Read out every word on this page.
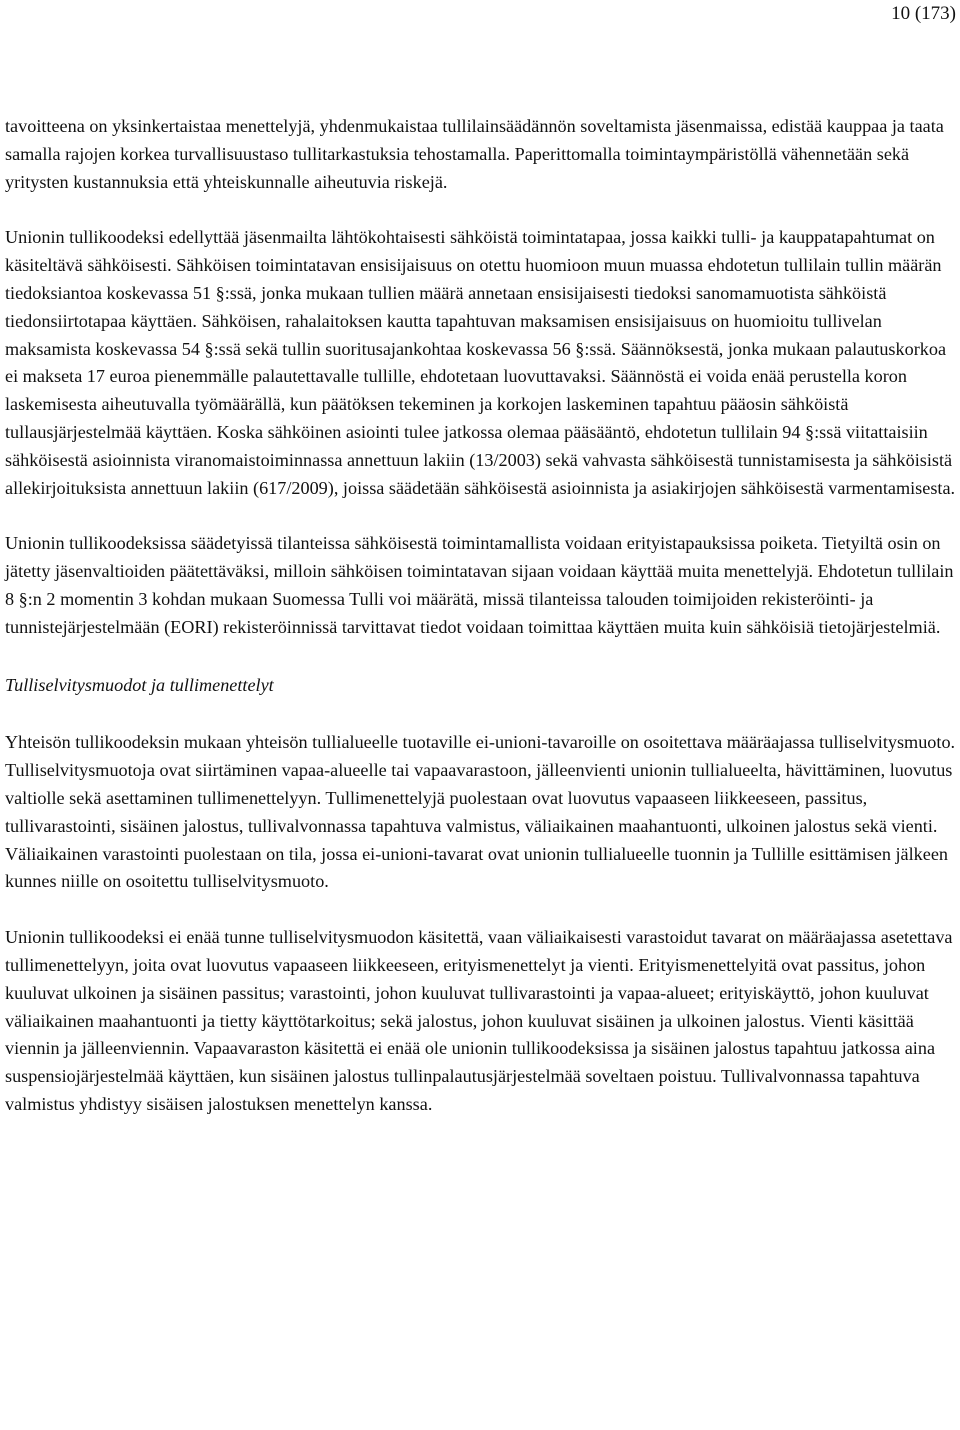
10 (173)

tavoitteena on yksinkertaistaa menettelyjä, yhdenmukaistaa tullilainsäädännön soveltamista jäsenmaissa, edistää kauppaa ja taata samalla rajojen korkea turvallisuustaso tullitarkastuksia tehostamalla. Paperittomalla toimintaympäristöllä vähennetään sekä yritysten kustannuksia että yhteiskunnalle aiheutuvia riskejä.

Unionin tullikoodeksi edellyttää jäsenmailta lähtökohtaisesti sähköistä toimintatapaa, jossa kaikki tulli- ja kauppatapahtumat on käsiteltävä sähköisesti. Sähköisen toimintatavan ensisijaisuus on otettu huomioon muun muassa ehdotetun tullilain tullin määrän tiedoksiantoa koskevassa 51 §:ssä, jonka mukaan tullien määrä annetaan ensisijaisesti tiedoksi sanomamuotista sähköistä tiedonsiirtotapaa käyttäen. Sähköisen, rahalaitoksen kautta tapahtuvan maksamisen ensisijaisuus on huomioitu tullivelan maksamista koskevassa 54 §:ssä sekä tullin suoritusajankohtaa koskevassa 56 §:ssä. Säännöksestä, jonka mukaan palautuskorkoa ei makseta 17 euroa pienemmälle palautettavalle tullille, ehdotetaan luovuttavaksi. Säännöstä ei voida enää perustella koron laskemisesta aiheutuvalla työmäärällä, kun päätöksen tekeminen ja korkojen laskeminen tapahtuu pääosin sähköistä tullausjärjestelmää käyttäen. Koska sähköinen asiointi tulee jatkossa olemaa pääsääntö, ehdotetun tullilain 94 §:ssä viitattaisiin sähköisestä asioinnista viranomaistoiminnassa annettuun lakiin (13/2003) sekä vahvasta sähköisestä tunnistamisesta ja sähköisistä allekirjoituksista annettuun lakiin (617/2009), joissa säädetään sähköisestä asioinnista ja asiakirjojen sähköisestä varmentamisesta.

Unionin tullikoodeksissa säädetyissä tilanteissa sähköisestä toimintamallista voidaan erityistapauksissa poiketa. Tietyiltä osin on jätetty jäsenvaltioiden päätettäväksi, milloin sähköisen toimintatavan sijaan voidaan käyttää muita menettelyjä. Ehdotetun tullilain 8 §:n 2 momentin 3 kohdan mukaan Suomessa Tulli voi määrätä, missä tilanteissa talouden toimijoiden rekisteröinti- ja tunnistejärjestelmään (EORI) rekisteröinnissä tarvittavat tiedot voidaan toimittaa käyttäen muita kuin sähköisiä tietojärjestelmiä.

Tulliselvitysmuodot ja tullimenettelyt

Yhteisön tullikoodeksin mukaan yhteisön tullialueelle tuotaville ei-unioni-tavaroille on osoitettava määräajassa tulliselvitysmuoto. Tulliselvitysmuotoja ovat siirtäminen vapaa-alueelle tai vapaavarastoon, jälleenvienti unionin tullialueelta, hävittäminen, luovutus valtiolle sekä asettaminen tullimenettelyyn. Tullimenettelyjä puolestaan ovat luovutus vapaaseen liikkeeseen, passitus, tullivarastointi, sisäinen jalostus, tullivalvonnassa tapahtuva valmistus, väliaikainen maahantuonti, ulkoinen jalostus sekä vienti. Väliaikainen varastointi puolestaan on tila, jossa ei-unioni-tavarat ovat unionin tullialueelle tuonnin ja Tullille esittämisen jälkeen kunnes niille on osoitettu tulliselvitysmuoto.

Unionin tullikoodeksi ei enää tunne tulliselvitysmuodon käsitettä, vaan väliaikaisesti varastoidut tavarat on määräajassa asetettava tullimenettelyyn, joita ovat luovutus vapaaseen liikkeeseen, erityismenettelyt ja vienti. Erityismenettelyitä ovat passitus, johon kuuluvat ulkoinen ja sisäinen passitus; varastointi, johon kuuluvat tullivarastointi ja vapaa-alueet; erityiskäyttö, johon kuuluvat väliaikainen maahantuonti ja tietty käyttötarkoitus; sekä jalostus, johon kuuluvat sisäinen ja ulkoinen jalostus. Vienti käsittää viennin ja jälleenviennin. Vapaavaraston käsitettä ei enää ole unionin tullikoodeksissa ja sisäinen jalostus tapahtuu jatkossa aina suspensiojärjestelmää käyttäen, kun sisäinen jalostus tullinpalautusjärjestelmää soveltaen poistuu. Tullivalvonnassa tapahtuva valmistus yhdistyy sisäisen jalostuksen menettelyn kanssa.
